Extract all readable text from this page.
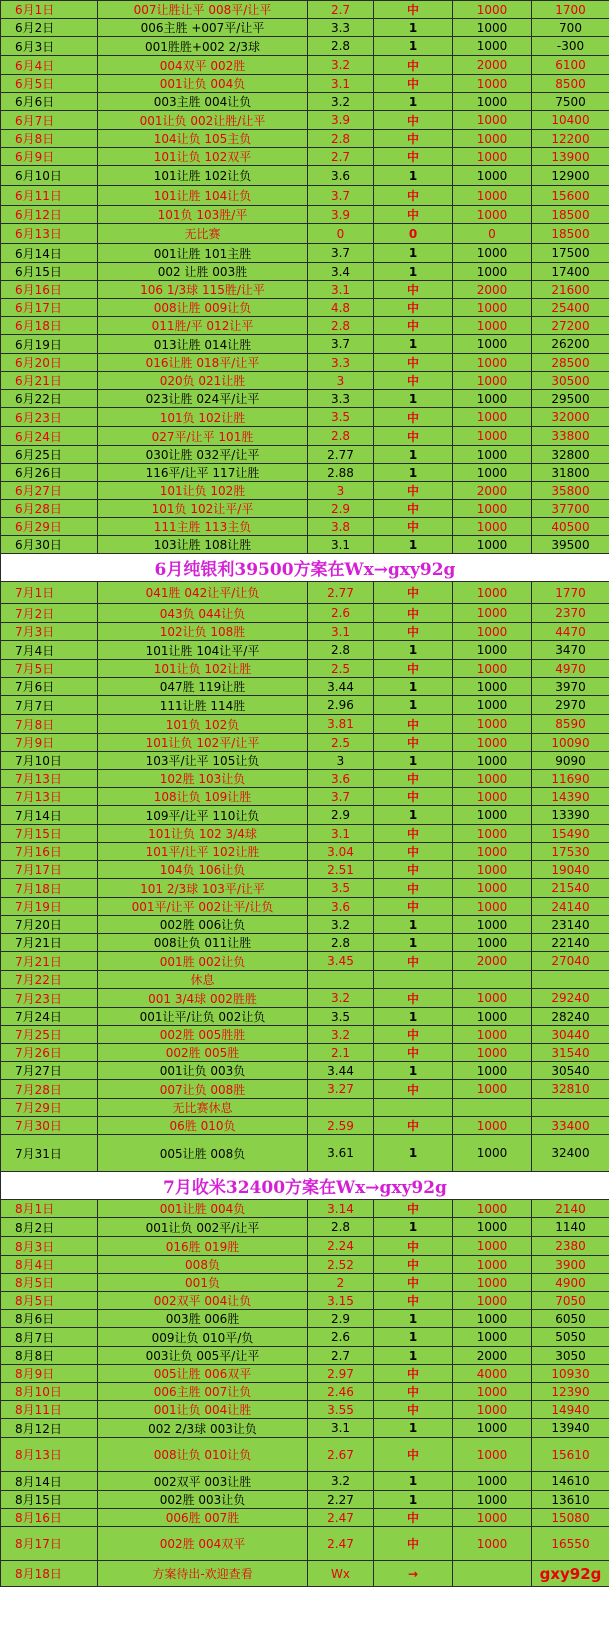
6月1日	007让胜让平 008平/让平	2.7	中	1000	1700
6月2日	006主胜 +007平/让平	3.3	1	1000	700
6月3日	001胜胜+002 2/3球	2.8	1	1000	-300
6月4日	004双平 002胜	3.2	中	2000	6100
6月5日	001让负 004负	3.1	中	1000	8500
6月6日	003主胜 004让负	3.2	1	1000	7500
6月7日	001让负 002让胜/让平	3.9	中	1000	10400
6月8日	104让负 105主负	2.8	中	1000	12200
6月9日	101让负 102双平	2.7	中	1000	13900
6月10日	101让胜 102让负	3.6	1	1000	12900
6月11日	101让胜 104让负	3.7	中	1000	15600
6月12日	101负 103胜/平	3.9	中	1000	18500
6月13日	无比赛	0	0	0	18500
6月14日	001让胜 101主胜	3.7	1	1000	17500
6月15日	002 让胜 003胜	3.4	1	1000	17400
6月16日	106 1/3球 115胜/让平	3.1	中	2000	21600
6月17日	008让胜 009让负	4.8	中	1000	25400
6月18日	011胜/平 012让平	2.8	中	1000	27200
6月19日	013让胜 014让胜	3.7	1	1000	26200
6月20日	016让胜 018平/让平	3.3	中	1000	28500
6月21日	020负 021让胜	3	中	1000	30500
6月22日	023让胜 024平/让平	3.3	1	1000	29500
6月23日	101负 102让胜	3.5	中	1000	32000
6月24日	027平/让平 101胜	2.8	中	1000	33800
6月25日	030让胜 032平/让平	2.77	1	1000	32800
6月26日	116平/让平 117让胜	2.88	1	1000	31800
6月27日	101让负 102胜	3	中	2000	35800
6月28日	101负 102让平/平	2.9	中	1000	37700
6月29日	111主胜 113主负	3.8	中	1000	40500
6月30日	103让胜 108让胜	3.1	1	1000	39500
6月纯银利39500方案在Wx→gxy92g					
7月1日	041胜 042让平/让负	2.77	中	1000	1770
7月2日	043负 044让负	2.6	中	1000	2370
7月3日	102让负 108胜	3.1	中	1000	4470
7月4日	101让胜 104让平/平	2.8	1	1000	3470
7月5日	101让负 102让胜	2.5	中	1000	4970
7月6日	047胜 119让胜	3.44	1	1000	3970
7月7日	111让胜 114胜	2.96	1	1000	2970
7月8日	101负 102负	3.81	中	1000	8590
7月9日	101让负 102平/让平	2.5	中	1000	10090
7月10日	103平/让平 105让负	3	1	1000	9090
7月13日	102胜 103让负	3.6	中	1000	11690
7月13日	108让负 109让胜	3.7	中	1000	14390
7月14日	109平/让平 110让负	2.9	1	1000	13390
7月15日	101让负 102 3/4球	3.1	中	1000	15490
7月16日	101平/让平 102让胜	3.04	中	1000	17530
7月17日	104负 106让负	2.51	中	1000	19040
7月18日	101 2/3球 103平/让平	3.5	中	1000	21540
7月19日	001平/让平 002让平/让负	3.6	中	1000	24140
7月20日	002胜 006让负	3.2	1	1000	23140
7月21日	008让负 011让胜	2.8	1	1000	22140
7月21日	001胜 002让负	3.45	中	2000	27040
7月22日	休息				
7月23日	001 3/4球 002胜胜	3.2	中	1000	29240
7月24日	001让平/让负 002让负	3.5	1	1000	28240
7月25日	002胜 005胜胜	3.2	中	1000	30440
7月26日	002胜 005胜	2.1	中	1000	31540
7月27日	001让负 003负	3.44	1	1000	30540
7月28日	007让负 008胜	3.27	中	1000	32810
7月29日	无比赛休息				
7月30日	06胜 010负	2.59	中	1000	33400
7月31日	005让胜 008负	3.61	1	1000	32400
7月收米32400方案在Wx→gxy92g					
8月1日	001让胜 004负	3.14	中	1000	2140
8月2日	001让负 002平/让平	2.8	1	1000	1140
8月3日	016胜 019胜	2.24	中	1000	2380
8月4日	008负	2.52	中	1000	3900
8月5日	001负	2	中	1000	4900
8月5日	002双平 004让负	3.15	中	1000	7050
8月6日	003胜 006胜	2.9	1	1000	6050
8月7日	009让负 010平/负	2.6	1	1000	5050
8月8日	003让负 005平/让平	2.7	1	2000	3050
8月9日	005让胜 006双平	2.97	中	4000	10930
8月10日	006主胜 007让负	2.46	中	1000	12390
8月11日	001让负 004让胜	3.55	中	1000	14940
8月12日	002 2/3球 003让负	3.1	1	1000	13940
8月13日	008让负 010让负	2.67	中	1000	15610
8月14日	002双平 003让胜	3.2	1	1000	14610
8月15日	002胜 003让负	2.27	1	1000	13610
8月16日	006胜 007胜	2.47	中	1000	15080
8月17日	002胜 004双平	2.47	中	1000	16550
8月18日	方案待出-欢迎查看	Wx	→		gxy92g
